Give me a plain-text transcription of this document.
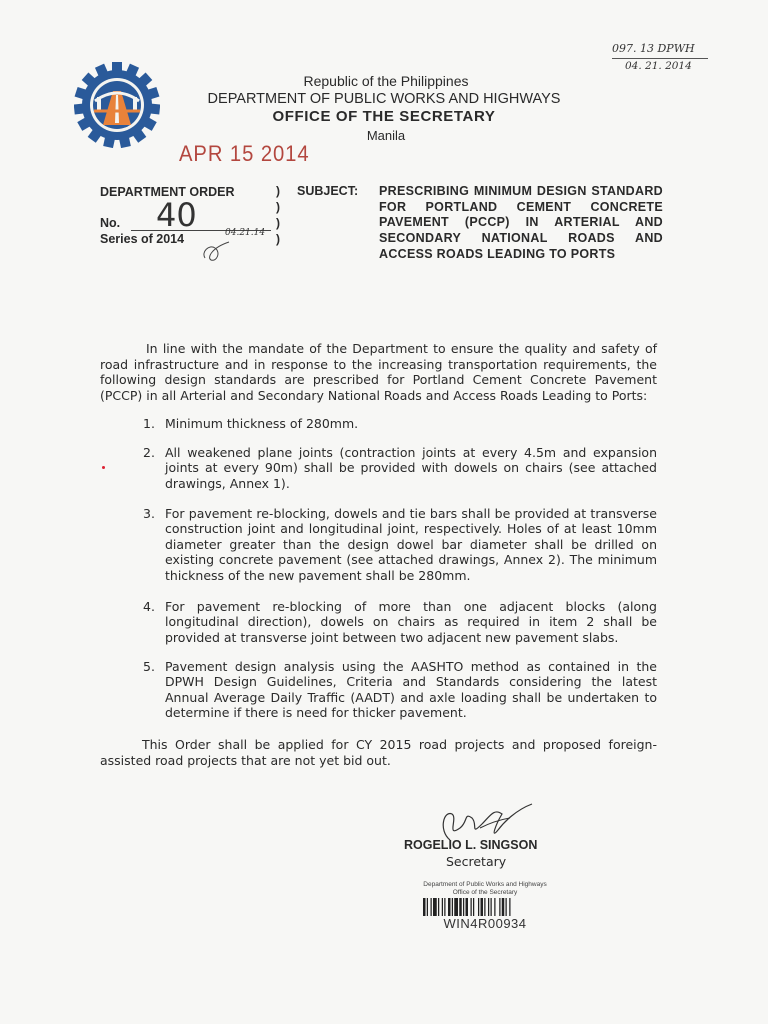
097. 13 DPWH
04. 21. 2014
Republic of the Philippines
DEPARTMENT OF PUBLIC WORKS AND HIGHWAYS
OFFICE OF THE SECRETARY
Manila
APR 15 2014
DEPARTMENT ORDER
No. 40
Series of 2014	04.21.14
)
)
)
)
SUBJECT: PRESCRIBING MINIMUM DESIGN STANDARD FOR PORTLAND CEMENT CONCRETE PAVEMENT (PCCP) IN ARTERIAL AND SECONDARY NATIONAL ROADS AND ACCESS ROADS LEADING TO PORTS
In line with the mandate of the Department to ensure the quality and safety of road infrastructure and in response to the increasing transportation requirements, the following design standards are prescribed for Portland Cement Concrete Pavement (PCCP) in all Arterial and Secondary National Roads and Access Roads Leading to Ports:
1. Minimum thickness of 280mm.
2. All weakened plane joints (contraction joints at every 4.5m and expansion joints at every 90m) shall be provided with dowels on chairs (see attached drawings, Annex 1).
3. For pavement re-blocking, dowels and tie bars shall be provided at transverse construction joint and longitudinal joint, respectively. Holes of at least 10mm diameter greater than the design dowel bar diameter shall be drilled on existing concrete pavement (see attached drawings, Annex 2). The minimum thickness of the new pavement shall be 280mm.
4. For pavement re-blocking of more than one adjacent blocks (along longitudinal direction), dowels on chairs as required in item 2 shall be provided at transverse joint between two adjacent new pavement slabs.
5. Pavement design analysis using the AASHTO method as contained in the DPWH Design Guidelines, Criteria and Standards considering the latest Annual Average Daily Traffic (AADT) and axle loading shall be undertaken to determine if there is need for thicker pavement.
This Order shall be applied for CY 2015 road projects and proposed foreign-assisted road projects that are not yet bid out.
ROGELIO L. SINGSON
Secretary
Department of Public Works and Highways
Office of the Secretary
WIN4R00934
